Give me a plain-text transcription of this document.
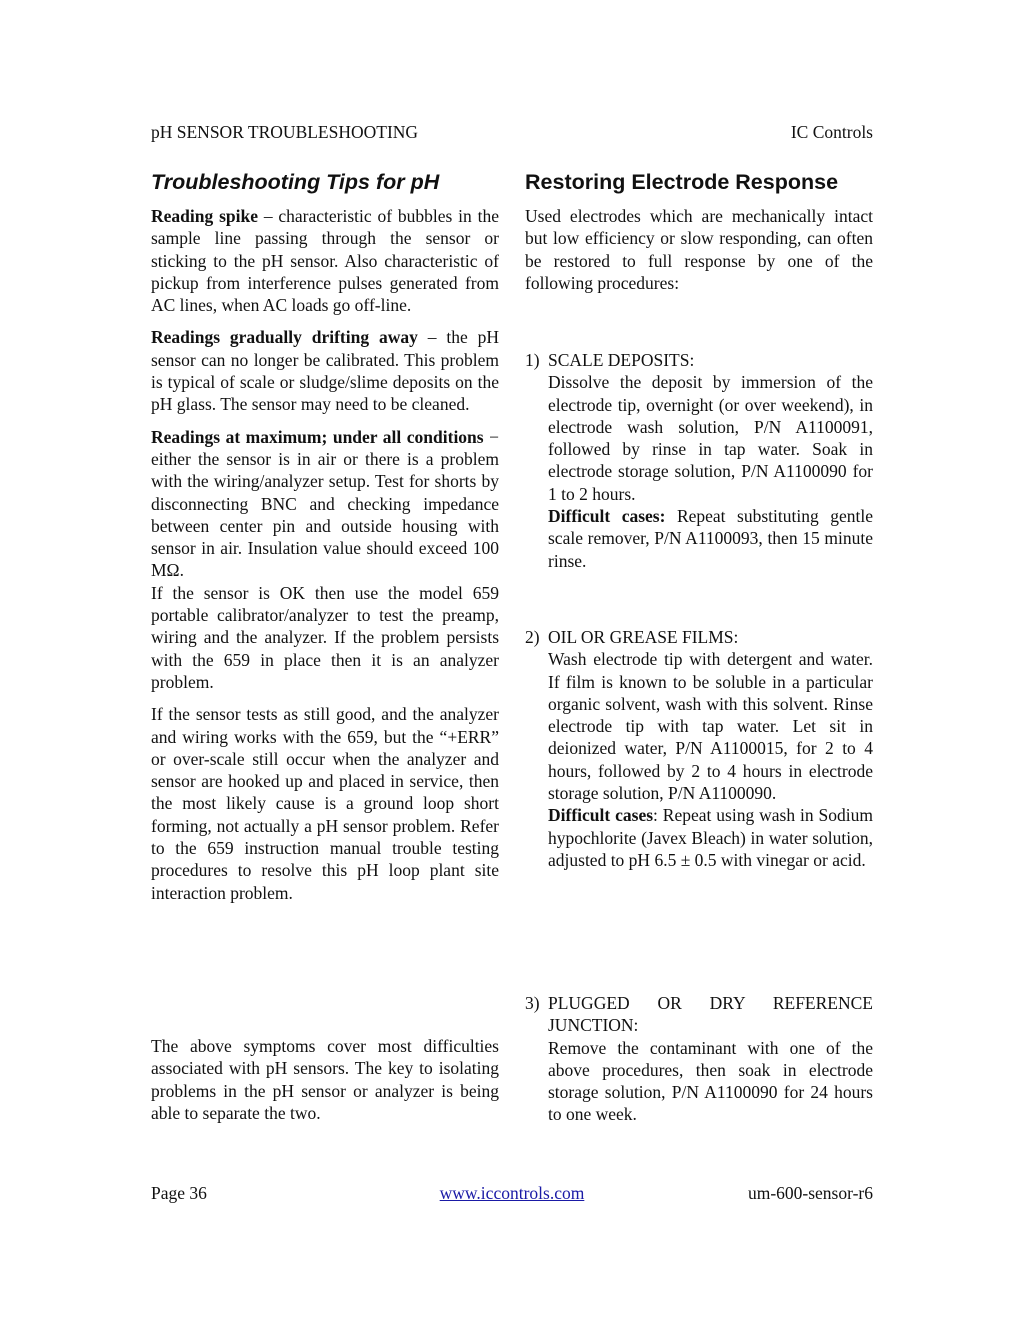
pH SENSOR TROUBLESHOOTING	IC Controls
Troubleshooting Tips for pH

Reading spike – characteristic of bubbles in the sample line passing through the sensor or sticking to the pH sensor. Also characteristic of pickup from interference pulses generated from AC lines, when AC loads go off-line.

Readings gradually drifting away – the pH sensor can no longer be calibrated. This problem is typical of scale or sludge/slime deposits on the pH glass. The sensor may need to be cleaned.

Readings at maximum; under all conditions − either the sensor is in air or there is a problem with the wiring/analyzer setup. Test for shorts by disconnecting BNC and checking impedance between center pin and outside housing with sensor in air. Insulation value should exceed 100 MΩ.

If the sensor is OK then use the model 659 portable calibrator/analyzer to test the preamp, wiring and the analyzer. If the problem persists with the 659 in place then it is an analyzer problem.

If the sensor tests as still good, and the analyzer and wiring works with the 659, but the “+ERR” or over-scale still occur when the analyzer and sensor are hooked up and placed in service, then the most likely cause is a ground loop short forming, not actually a pH sensor problem. Refer to the 659 instruction manual trouble testing procedures to resolve this pH loop plant site interaction problem.

The above symptoms cover most difficulties associated with pH sensors. The key to isolating problems in the pH sensor or analyzer is being able to separate the two.

Restoring Electrode Response

Used electrodes which are mechanically intact but low efficiency or slow responding, can often be restored to full response by one of the following procedures:

1) SCALE DEPOSITS:

Dissolve the deposit by immersion of the electrode tip, overnight (or over weekend), in electrode wash solution, P/N A1100091, followed by rinse in tap water. Soak in electrode storage solution, P/N A1100090 for 1 to 2 hours.

Difficult cases: Repeat substituting gentle scale remover, P/N A1100093, then 15 minute rinse.

2) OIL OR GREASE FILMS:

Wash electrode tip with detergent and water. If film is known to be soluble in a particular organic solvent, wash with this solvent. Rinse electrode tip with tap water. Let sit in deionized water, P/N A1100015, for 2 to 4 hours, followed by 2 to 4 hours in electrode storage solution, P/N A1100090.

Difficult cases: Repeat using wash in Sodium hypochlorite (Javex Bleach) in water solution, adjusted to pH 6.5 ± 0.5 with vinegar or acid.

3) PLUGGED OR DRY REFERENCE JUNCTION:

Remove the contaminant with one of the above procedures, then soak in electrode storage solution, P/N A1100090 for 24 hours to one week.

Page 36	www.iccontrols.com	um-600-sensor-r6
